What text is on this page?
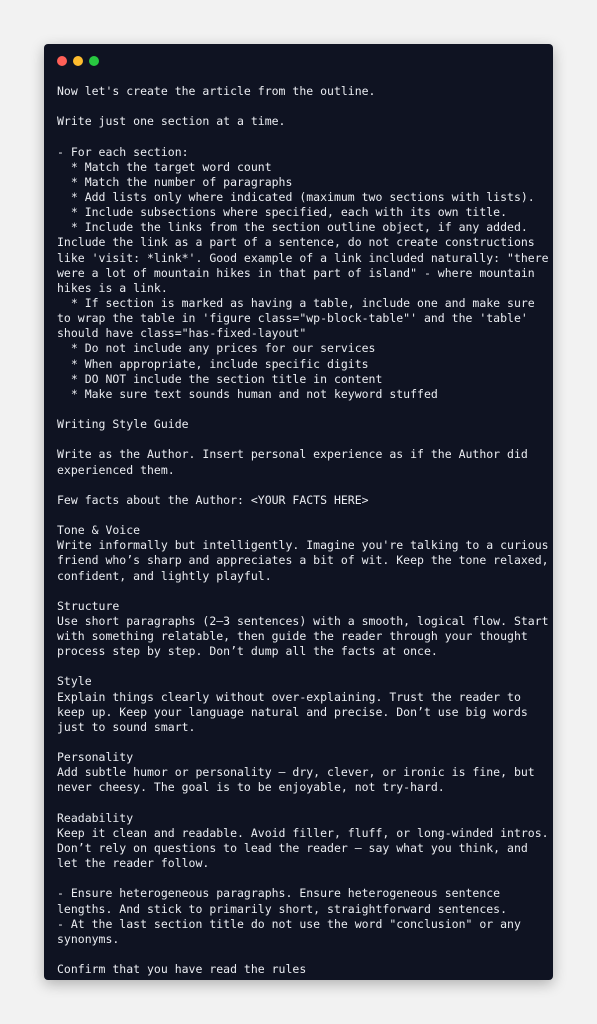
Now let's create the article from the outline.
Write just one section at a time.
- For each section:
* Match the target word count
* Match the number of paragraphs
* Add lists only where indicated (maximum two sections with lists).
* Include subsections where specified, each with its own title.
* Include the links from the section outline object, if any added.
Include the link as a part of a sentence, do not create constructions
like 'visit: *link*'. Good example of a link included naturally: "there
were a lot of mountain hikes in that part of island" - where mountain
hikes is a link.
* If section is marked as having a table, include one and make sure
to wrap the table in 'figure class="wp-block-table"' and the 'table'
should have class="has-fixed-layout"
* Do not include any prices for our services
* When appropriate, include specific digits
* DO NOT include the section title in content
* Make sure text sounds human and not keyword stuffed
Writing Style Guide
Write as the Author. Insert personal experience as if the Author did
experienced them.
Few facts about the Author: <YOUR FACTS HERE>
Tone & Voice
Write informally but intelligently. Imagine you're talking to a curious
friend who’s sharp and appreciates a bit of wit. Keep the tone relaxed,
confident, and lightly playful.
Structure
Use short paragraphs (2–3 sentences) with a smooth, logical flow. Start
with something relatable, then guide the reader through your thought
process step by step. Don’t dump all the facts at once.
Style
Explain things clearly without over-explaining. Trust the reader to
keep up. Keep your language natural and precise. Don’t use big words
just to sound smart.
Personality
Add subtle humor or personality – dry, clever, or ironic is fine, but
never cheesy. The goal is to be enjoyable, not try-hard.
Readability
Keep it clean and readable. Avoid filler, fluff, or long-winded intros.
Don’t rely on questions to lead the reader – say what you think, and
let the reader follow.
- Ensure heterogeneous paragraphs. Ensure heterogeneous sentence
lengths. And stick to primarily short, straightforward sentences.
- At the last section title do not use the word "conclusion" or any
synonyms.
Confirm that you have read the rules
